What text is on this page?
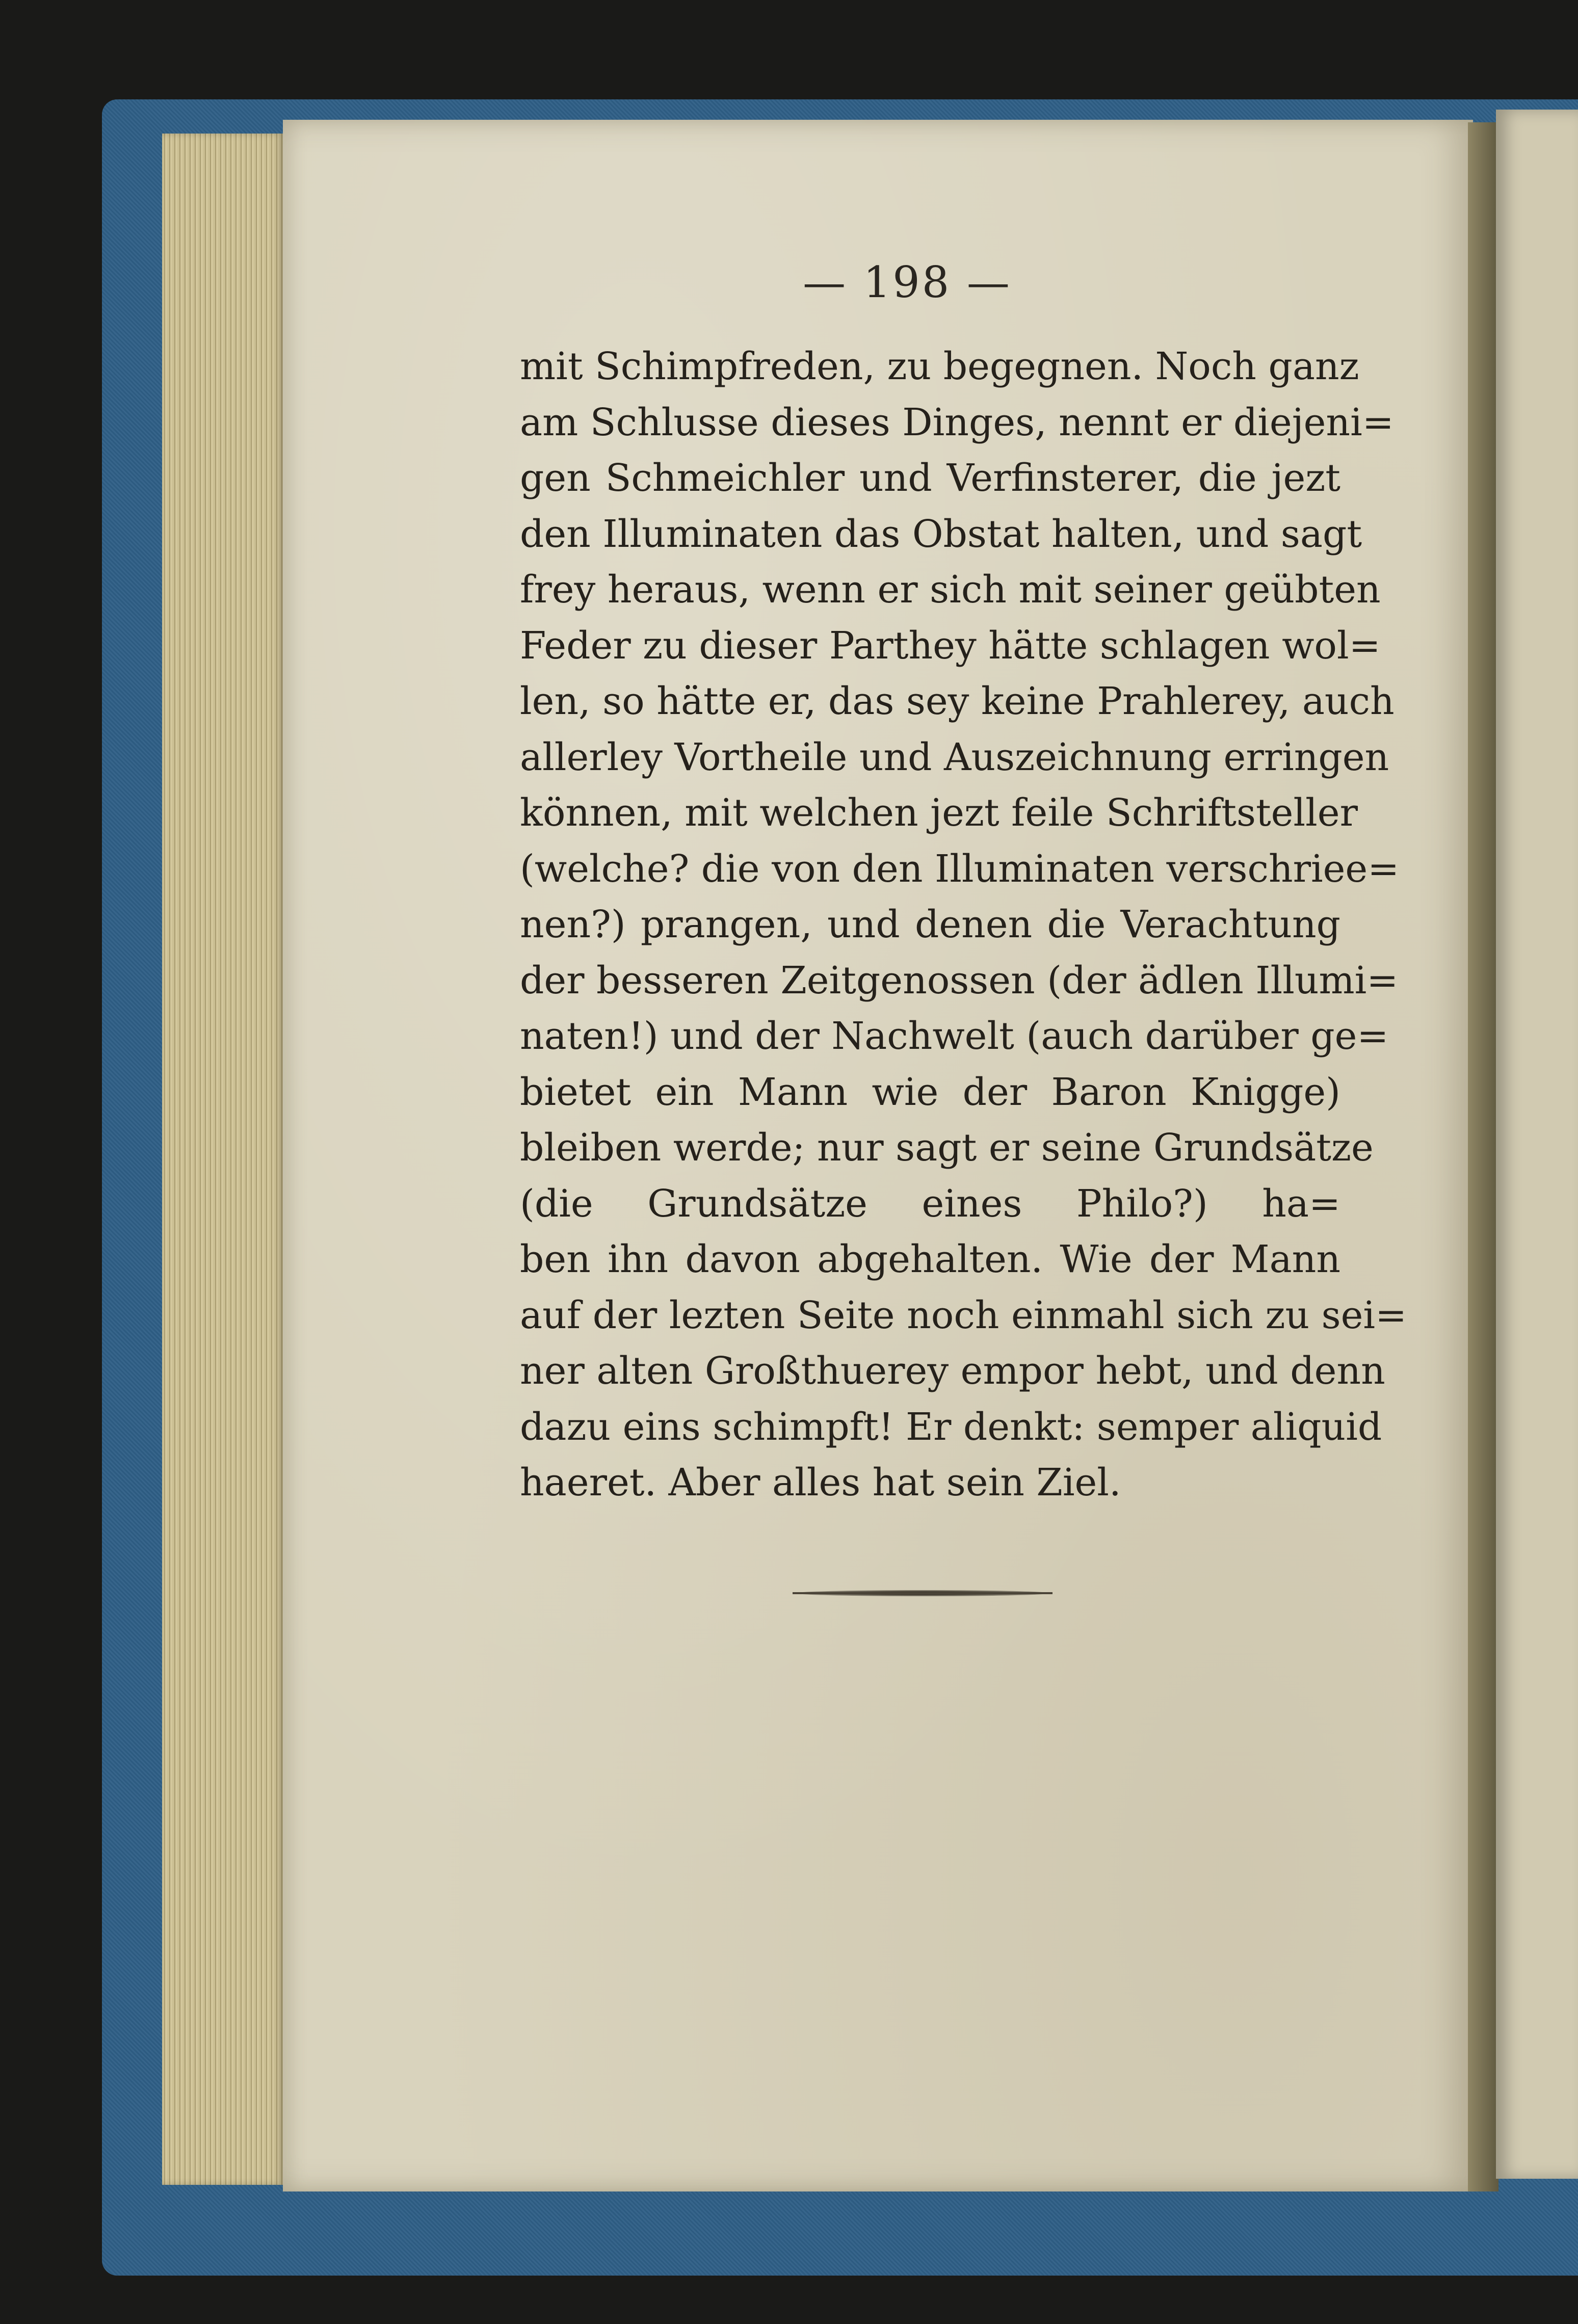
— 198 —
mit Schimpfreden, zu begegnen. Noch ganz
am Schlusse dieses Dinges, nennt er diejeni=
gen Schmeichler und Verfinsterer, die jezt
den Illuminaten das Obstat halten, und sagt
frey heraus, wenn er sich mit seiner geübten
Feder zu dieser Parthey hätte schlagen wol=
len, so hätte er, das sey keine Prahlerey, auch
allerley Vortheile und Auszeichnung erringen
können, mit welchen jezt feile Schriftsteller
(welche? die von den Illuminaten verschriee=
nen?) prangen, und denen die Verachtung
der besseren Zeitgenossen (der ädlen Illumi=
naten!) und der Nachwelt (auch darüber ge=
bietet ein Mann wie der Baron Knigge)
bleiben werde; nur sagt er seine Grundsätze
(die Grundsätze eines Philo?) ha=
ben ihn davon abgehalten. Wie der Mann
auf der lezten Seite noch einmahl sich zu sei=
ner alten Großthuerey empor hebt, und denn
dazu eins schimpft! Er denkt: semper aliquid
haeret. Aber alles hat sein Ziel.
